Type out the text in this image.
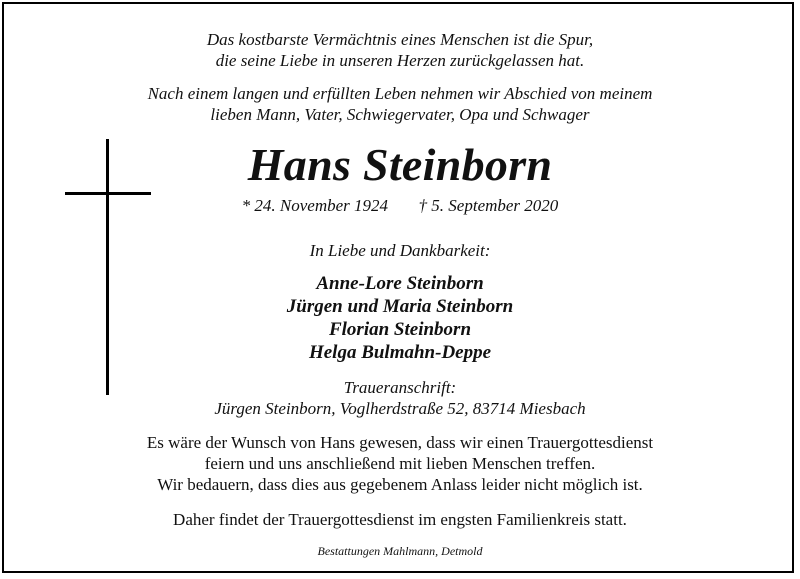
Das kostbarste Vermächtnis eines Menschen ist die Spur,
die seine Liebe in unseren Herzen zurückgelassen hat.
Nach einem langen und erfüllten Leben nehmen wir Abschied von meinem
lieben Mann, Vater, Schwiegervater, Opa und Schwager
Hans Steinborn
* 24. November 1924 † 5. September 2020
In Liebe und Dankbarkeit:
Anne-Lore Steinborn
Jürgen und Maria Steinborn
Florian Steinborn
Helga Bulmahn-Deppe
Traueranschrift:
Jürgen Steinborn, Voglherdstraße 52, 83714 Miesbach
Es wäre der Wunsch von Hans gewesen, dass wir einen Trauergottesdienst
feiern und uns anschließend mit lieben Menschen treffen.
Wir bedauern, dass dies aus gegebenem Anlass leider nicht möglich ist.
Daher findet der Trauergottesdienst im engsten Familienkreis statt.
Bestattungen Mahlmann, Detmold
